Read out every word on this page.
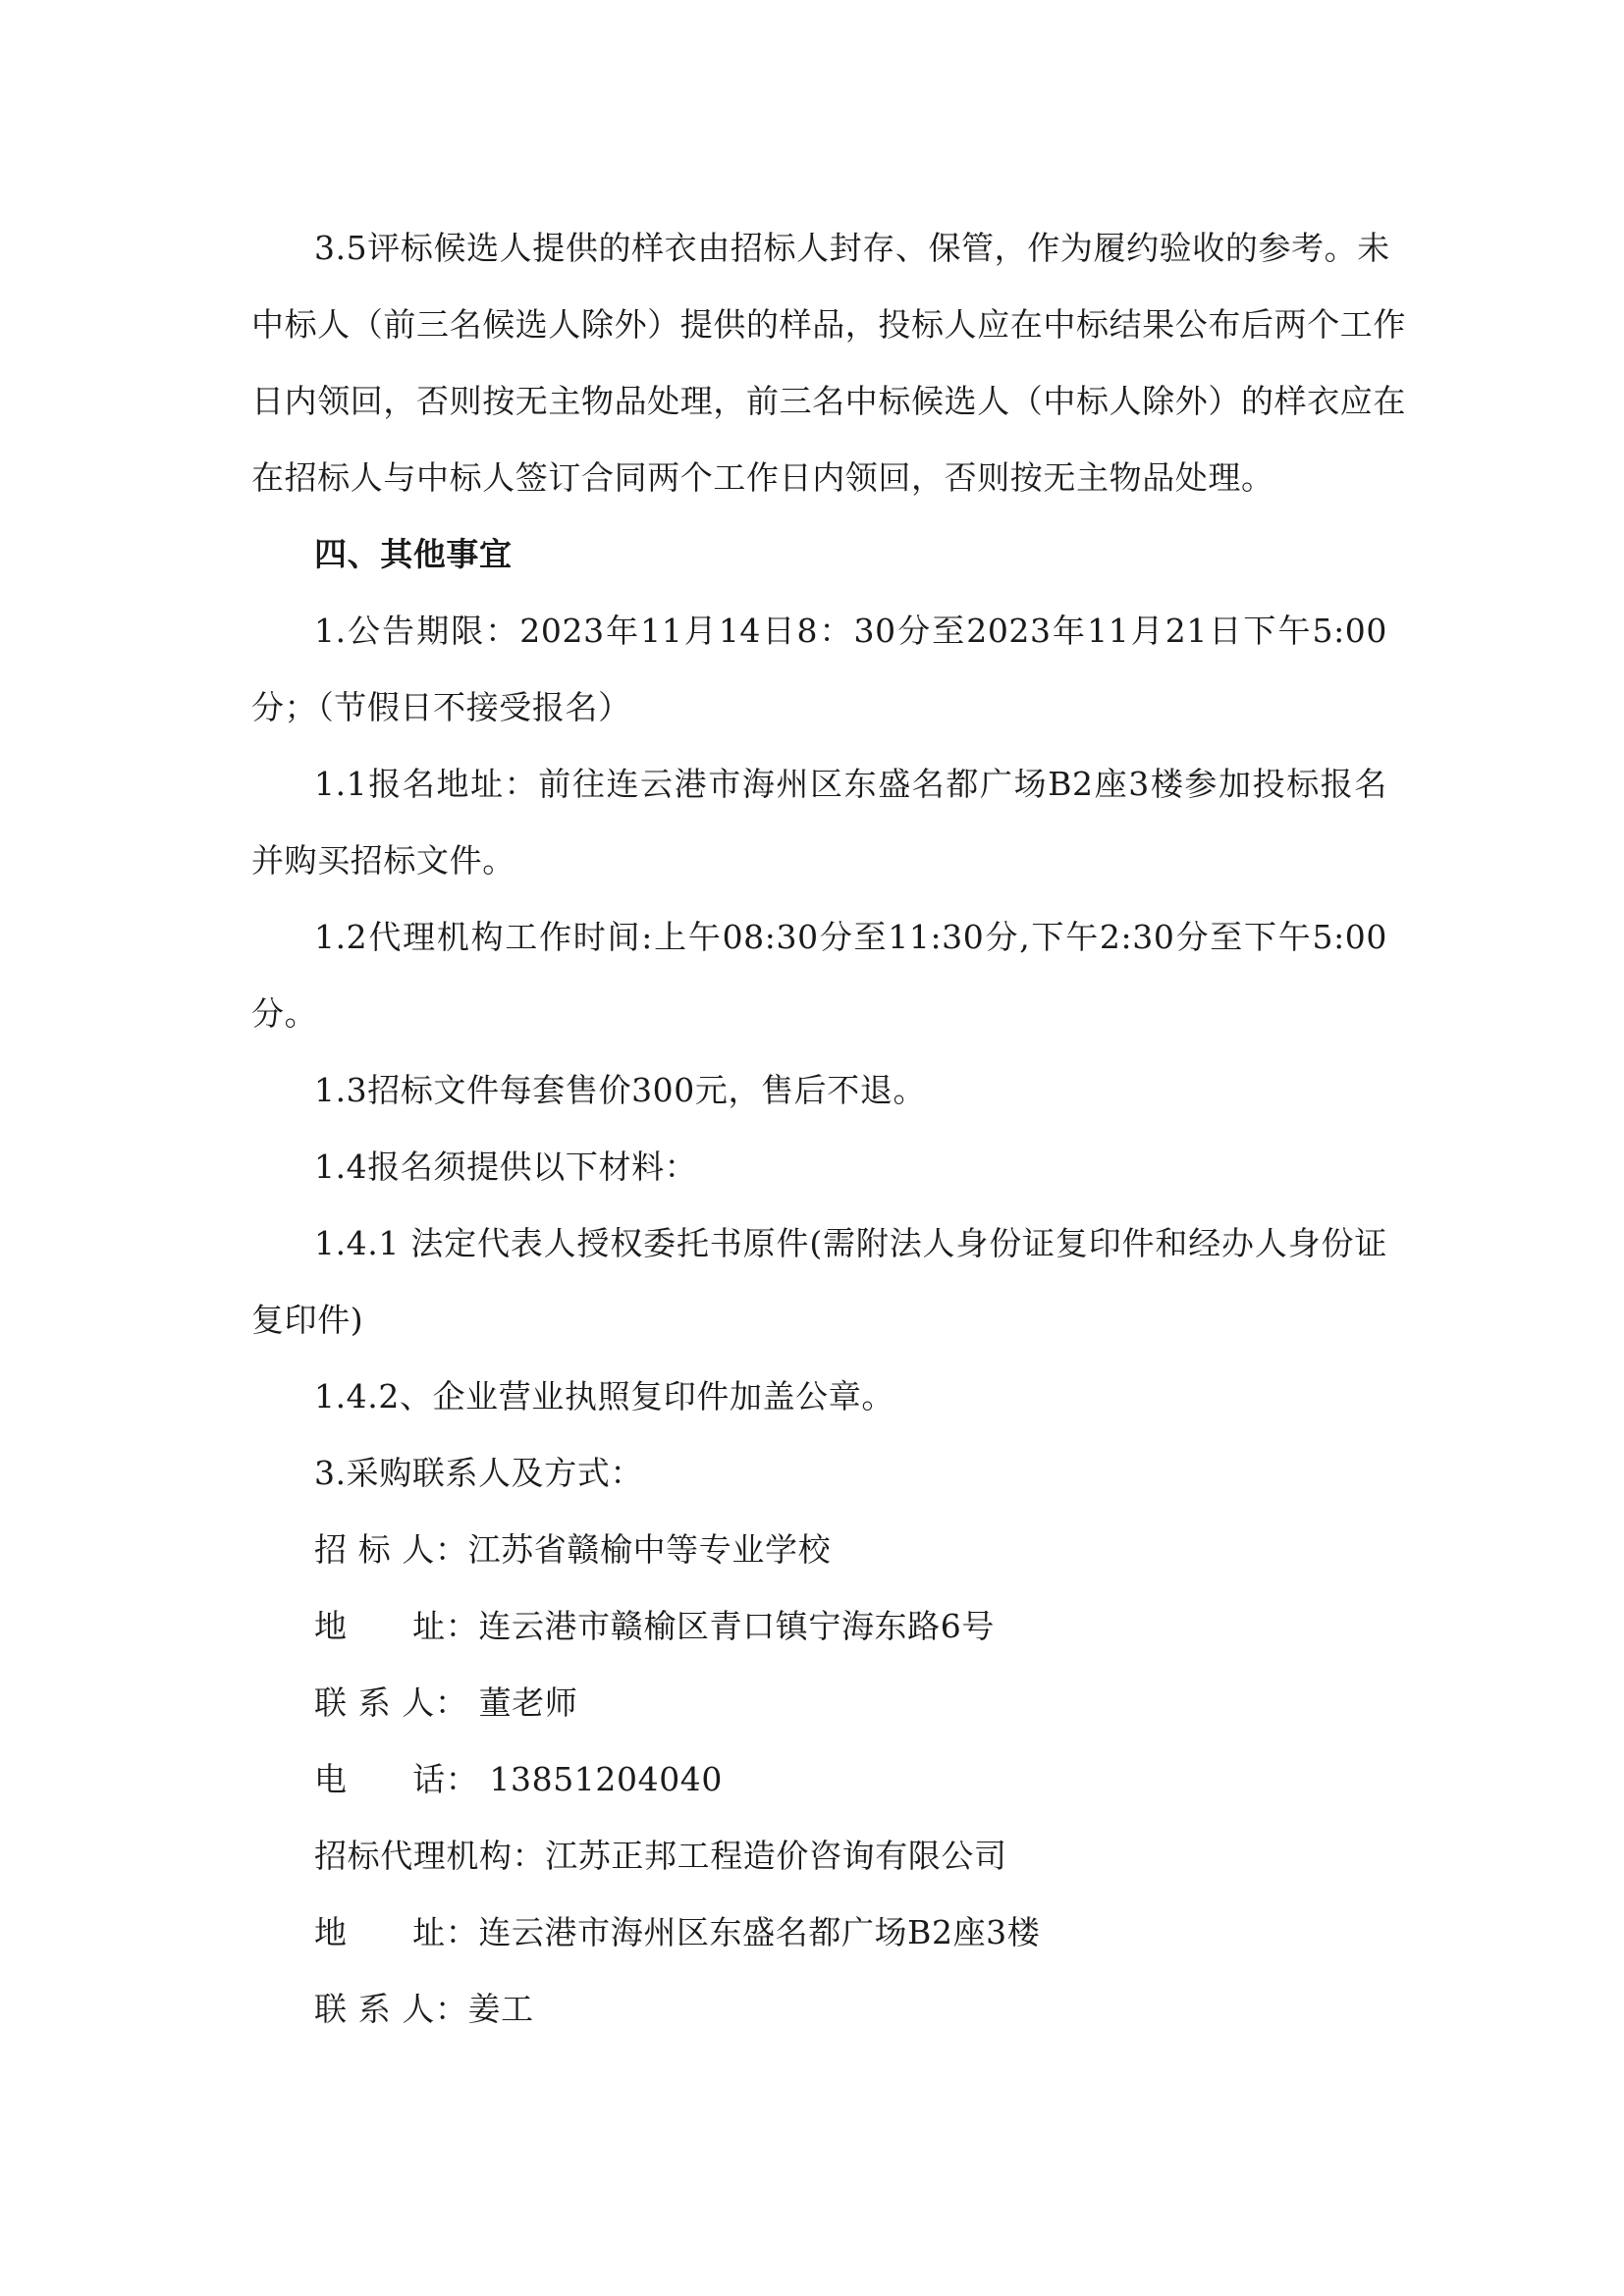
3.5评标候选人提供的样衣由招标人封存、保管，作为履约验收的参考。未
中标人（前三名候选人除外）提供的样品，投标人应在中标结果公布后两个工作
日内领回，否则按无主物品处理，前三名中标候选人（中标人除外）的样衣应在
在招标人与中标人签订合同两个工作日内领回，否则按无主物品处理。
四、其他事宜
1.公告期限：2023年11月14日8：30分至2023年11月21日下午5:00
分；（节假日不接受报名）
1.1报名地址：前往连云港市海州区东盛名都广场B2座3楼参加投标报名
并购买招标文件。
1.2代理机构工作时间:上午08:30分至11:30分,下午2:30分至下午5:00
分。
1.3招标文件每套售价300元，售后不退。
1.4报名须提供以下材料：
1.4.1 法定代表人授权委托书原件(需附法人身份证复印件和经办人身份证
复印件)
1.4.2、企业营业执照复印件加盖公章。
3.采购联系人及方式：
招 标 人：江苏省赣榆中等专业学校
地      址：连云港市赣榆区青口镇宁海东路6号
联 系 人： 董老师
电      话： 13851204040
招标代理机构：江苏正邦工程造价咨询有限公司
地      址：连云港市海州区东盛名都广场B2座3楼
联 系 人：姜工
